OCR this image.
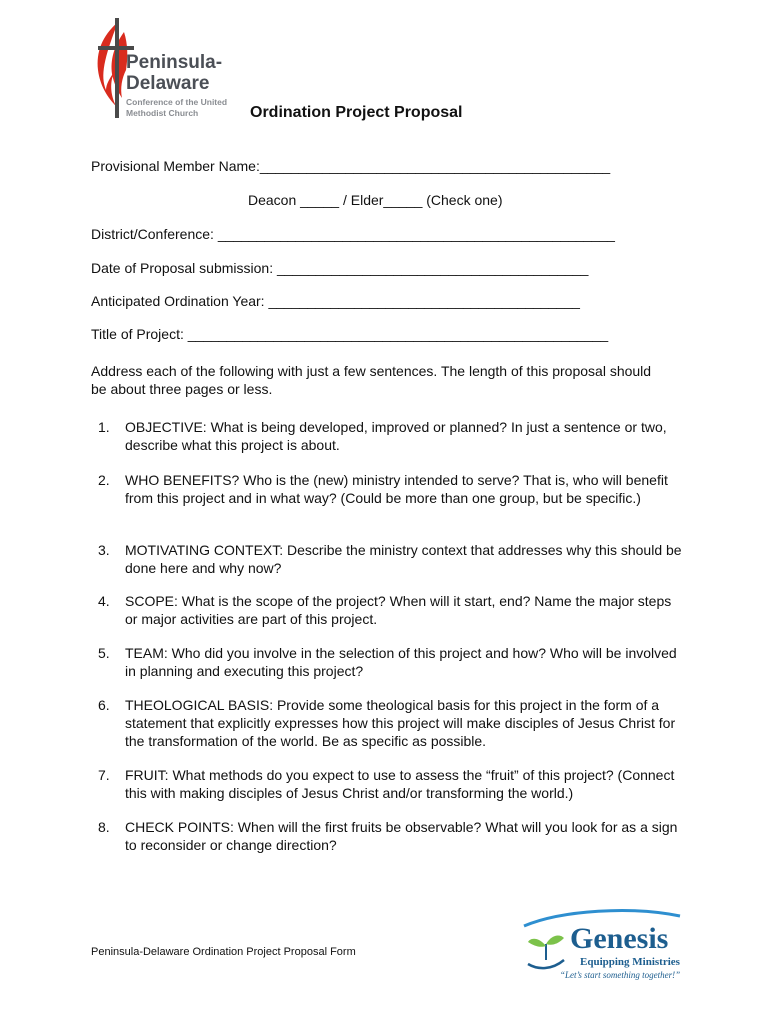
Peninsula-
Delaware
Conference of the United
Methodist Church	Ordination Project Proposal
Provisional Member Name:_____________________________________________
Deacon _____ / Elder_____ (Check one)
District/Conference: ___________________________________________________
Date of Proposal submission: ________________________________________
Anticipated Ordination Year: ________________________________________
Title of Project: ______________________________________________________
Address each of the following with just a few sentences. The length of this proposal should be about three pages or less.
1. OBJECTIVE: What is being developed, improved or planned? In just a sentence or two, describe what this project is about.
2. WHO BENEFITS? Who is the (new) ministry intended to serve? That is, who will benefit from this project and in what way? (Could be more than one group, but be specific.)
3. MOTIVATING CONTEXT: Describe the ministry context that addresses why this should be done here and why now?
4. SCOPE: What is the scope of the project? When will it start, end? Name the major steps or major activities are part of this project.
5. TEAM: Who did you involve in the selection of this project and how? Who will be involved in planning and executing this project?
6. THEOLOGICAL BASIS: Provide some theological basis for this project in the form of a statement that explicitly expresses how this project will make disciples of Jesus Christ for the transformation of the world. Be as specific as possible.
7. FRUIT: What methods do you expect to use to assess the “fruit” of this project? (Connect this with making disciples of Jesus Christ and/or transforming the world.)
8. CHECK POINTS: When will the first fruits be observable? What will you look for as a sign to reconsider or change direction?
Peninsula-Delaware Ordination Project Proposal Form	Genesis
Equipping Ministries
“Let’s start something together!”
